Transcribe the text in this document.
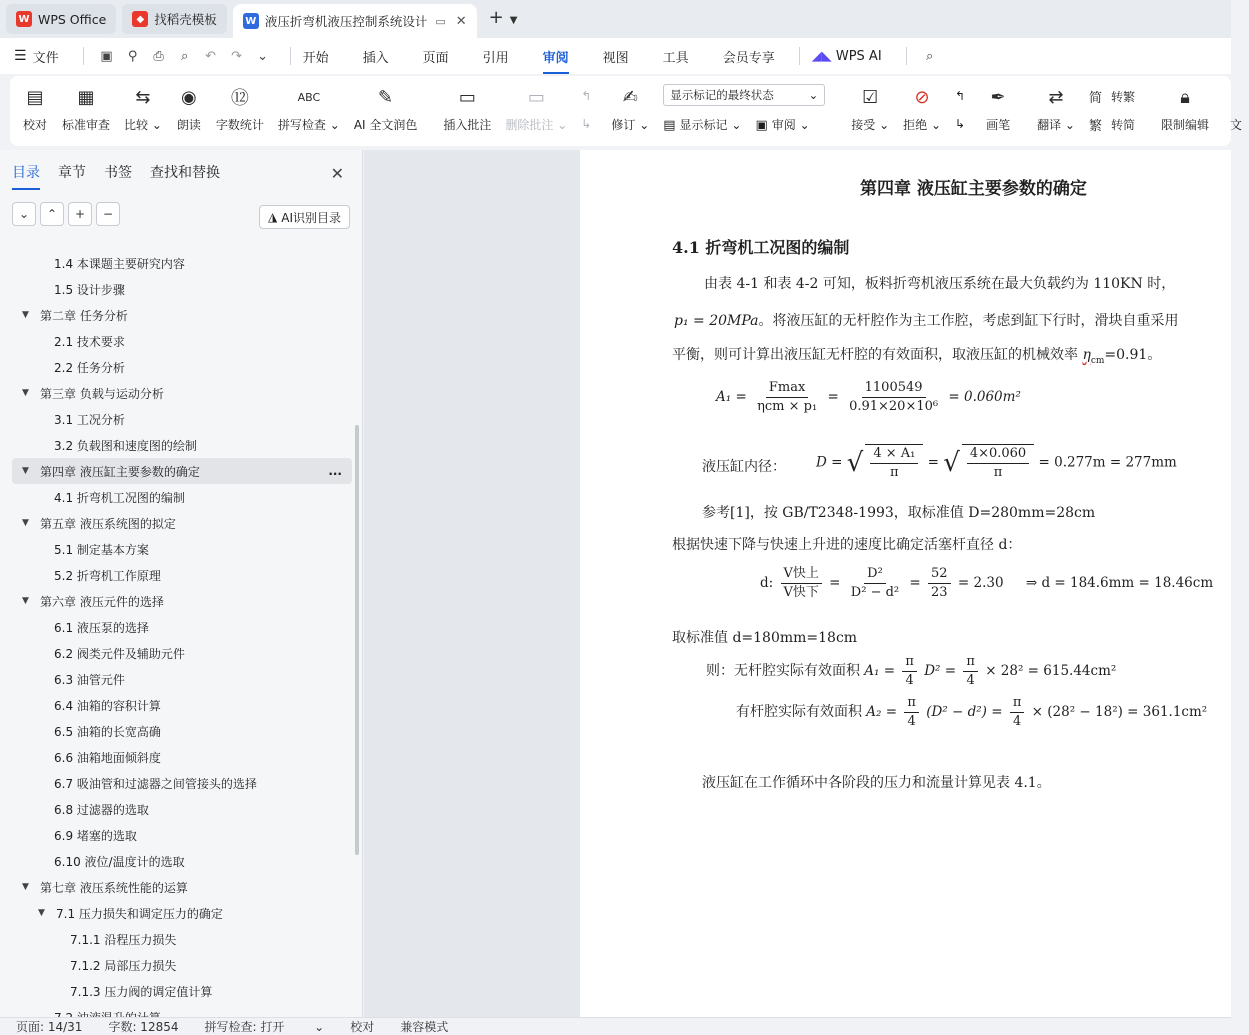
W WPS Office	◆ 找稻壳模板	W 液压折弯机液压控制系统设计 ▭ ✕ + ▼
☰ 文件	▣	⚲	⎙	⌕	↶	↷	⌄	开始	插入	页面	引用	审阅	视图	工具	会员专享	◢◣ WPS AI	⌕
▤
校对
▦
标准审查
⇆
比较 ⌄
◉
朗读
⑫
字数统计
ABC
拼写检查 ⌄
✎
AI 全文润色
▭
插入批注
▭
删除批注 ⌄
↰
↳
✍
修订 ⌄
显示标记的最终状态	⌄
▤ 显示标记 ⌄ ▣ 审阅 ⌄
☑
接受 ⌄
⊘
拒绝 ⌄
↰
↳
✒
画笔
⇄
翻译 ⌄
简 转繁
繁 转简
🔒︎
限制编辑 文
目录 章节 书签 查找和替换	✕
⌄	⌃	+	−	◮ AI识别目录
1.4 本课题主要研究内容
1.5 设计步骤
▼ 第二章 任务分析
2.1 技术要求
2.2 任务分析
▼ 第三章 负载与运动分析
3.1 工况分析
3.2 负载图和速度图的绘制
▼ 第四章 液压缸主要参数的确定	...
4.1 折弯机工况图的编制
▼ 第五章 液压系统图的拟定
5.1 制定基本方案
5.2 折弯机工作原理
▼ 第六章 液压元件的选择
6.1 液压泵的选择
6.2 阀类元件及辅助元件
6.3 油管元件
6.4 油箱的容积计算
6.5 油箱的长宽高确
6.6 油箱地面倾斜度
6.7 吸油管和过滤器之间管接头的选择
6.8 过滤器的选取
6.9 堵塞的选取
6.10 液位/温度计的选取
▼ 第七章 液压系统性能的运算
▼ 7.1 压力损失和调定压力的确定
7.1.1 沿程压力损失
7.1.2 局部压力损失
7.1.3 压力阀的调定值计算
第四章 液压缸主要参数的确定
4.1 折弯机工况图的编制
由表 4-1 和表 4-2 可知，板料折弯机液压系统在最大负载约为 110KN 时，
p₁ = 20MPa。将液压缸的无杆腔作为主工作腔，考虑到缸下行时，滑块自重采用
平衡，则可计算出液压缸无杆腔的有效面积，取液压缸的机械效率 $\eta_{cm}=0.91$。
$A_1 = \frac{Fmax}{\text{ηcm × p₁}} = \frac{1100549}{\text{0.91×20×10⁶}} = 0.060m^2$
液压缸内径： D = √ $\frac{\text{4 × A₁}}{\pi}$ = √ $\frac{4\times 0.060}{\pi} = 0.277m = 277mm$
参考[1]，按 GB/T2348-1993，取标准值 D=280mm=28cm
根据快速下降与快速上升进的速度比确定活塞杆直径 d：
d: $\frac{\text{V快上}}{\text{V快下}} = \frac{\text{D²}}{\text{D² − d²}} = \frac{52}{23} = 2.30$ ⇒ d = 184.6mm = 18.46cm
取标准值 d=180mm=18cm
则：无杆腔实际有效面积 $A_1 = \frac{\pi}{4} D^2 = \frac{\pi}{4} \times 28^2 = 615.44cm^2$
有杆腔实际有效面积 $A_2 = \frac{\pi}{4} (D^2 - d^2) = \frac{\pi}{4} \times (28^2 - 18^2) = 361.1cm^2$
液压缸在工作循环中各阶段的压力和流量计算见表 4.1。
页面: 14/31 字数: 12854 拼写检查: 打开 ⌄ 校对 兼容模式
